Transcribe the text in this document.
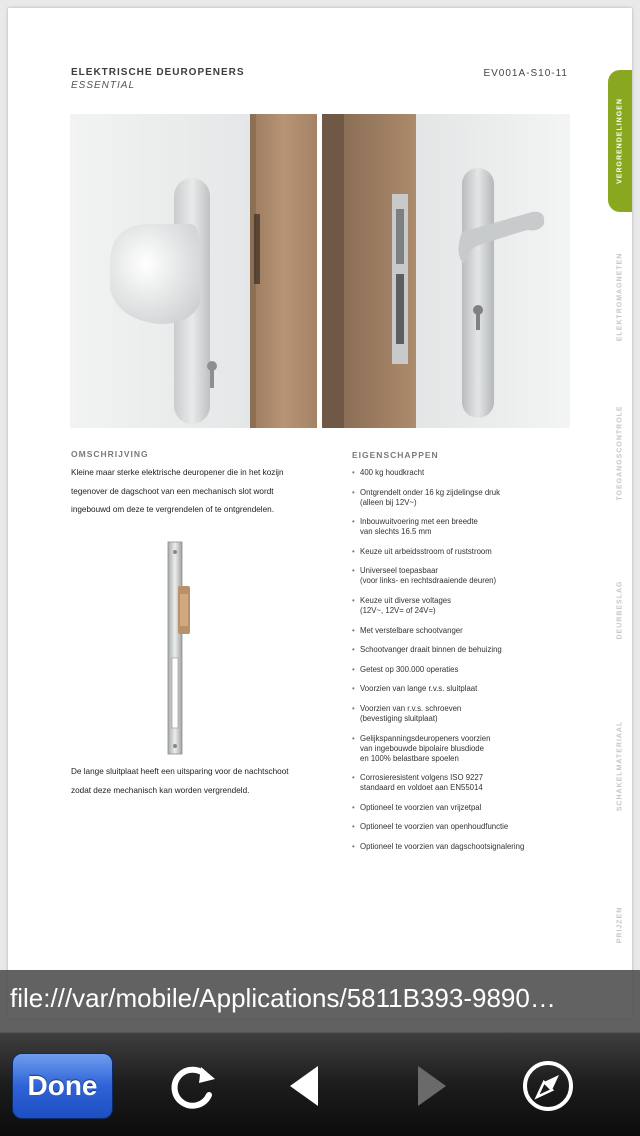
ELEKTRISCHE DEUROPENERS
ESSENTIAL
EV001A-S10-11
OMSCHRIJVING
Kleine maar sterke elektrische deuropener die in het kozijn
tegenover de dagschoot van een mechanisch slot wordt
ingebouwd om deze te vergrendelen of te ontgrendelen.
De lange sluitplaat heeft een uitsparing voor de nachtschoot
zodat deze mechanisch kan worden vergrendeld.
EIGENSCHAPPEN
• 400 kg houdkracht
• Ontgrendelt onder 16 kg zijdelingse druk
(alleen bij 12V~)
• Inbouwuitvoering met een breedte
van slechts 16.5 mm
• Keuze uit arbeidsstroom of ruststroom
• Universeel toepasbaar
(voor links- en rechtsdraaiende deuren)
• Keuze uit diverse voltages
(12V~, 12V= of 24V=)
• Met verstelbare schootvanger
• Schootvanger draait binnen de behuizing
• Getest op 300.000 operaties
• Voorzien van lange r.v.s. sluitplaat
• Voorzien van r.v.s. schroeven
(bevestiging sluitplaat)
• Gelijkspanningsdeuropeners voorzien
van ingebouwde bipolaire blusdiode
en 100% belastbare spoelen
• Corrosieresistent volgens ISO 9227
standaard en voldoet aan EN55014
• Optioneel te voorzien van vrijzetpal
• Optioneel te voorzien van openhoudfunctie
• Optioneel te voorzien van dagschootsignalering
VERGRENDELINGEN
ELEKTROMAGNETEN
TOEGANGSCONTROLE
DEURBESLAG
SCHAKELMATERIAAL
PRIJZEN
file:///var/mobile/Applications/5811B393-9890…
Done
